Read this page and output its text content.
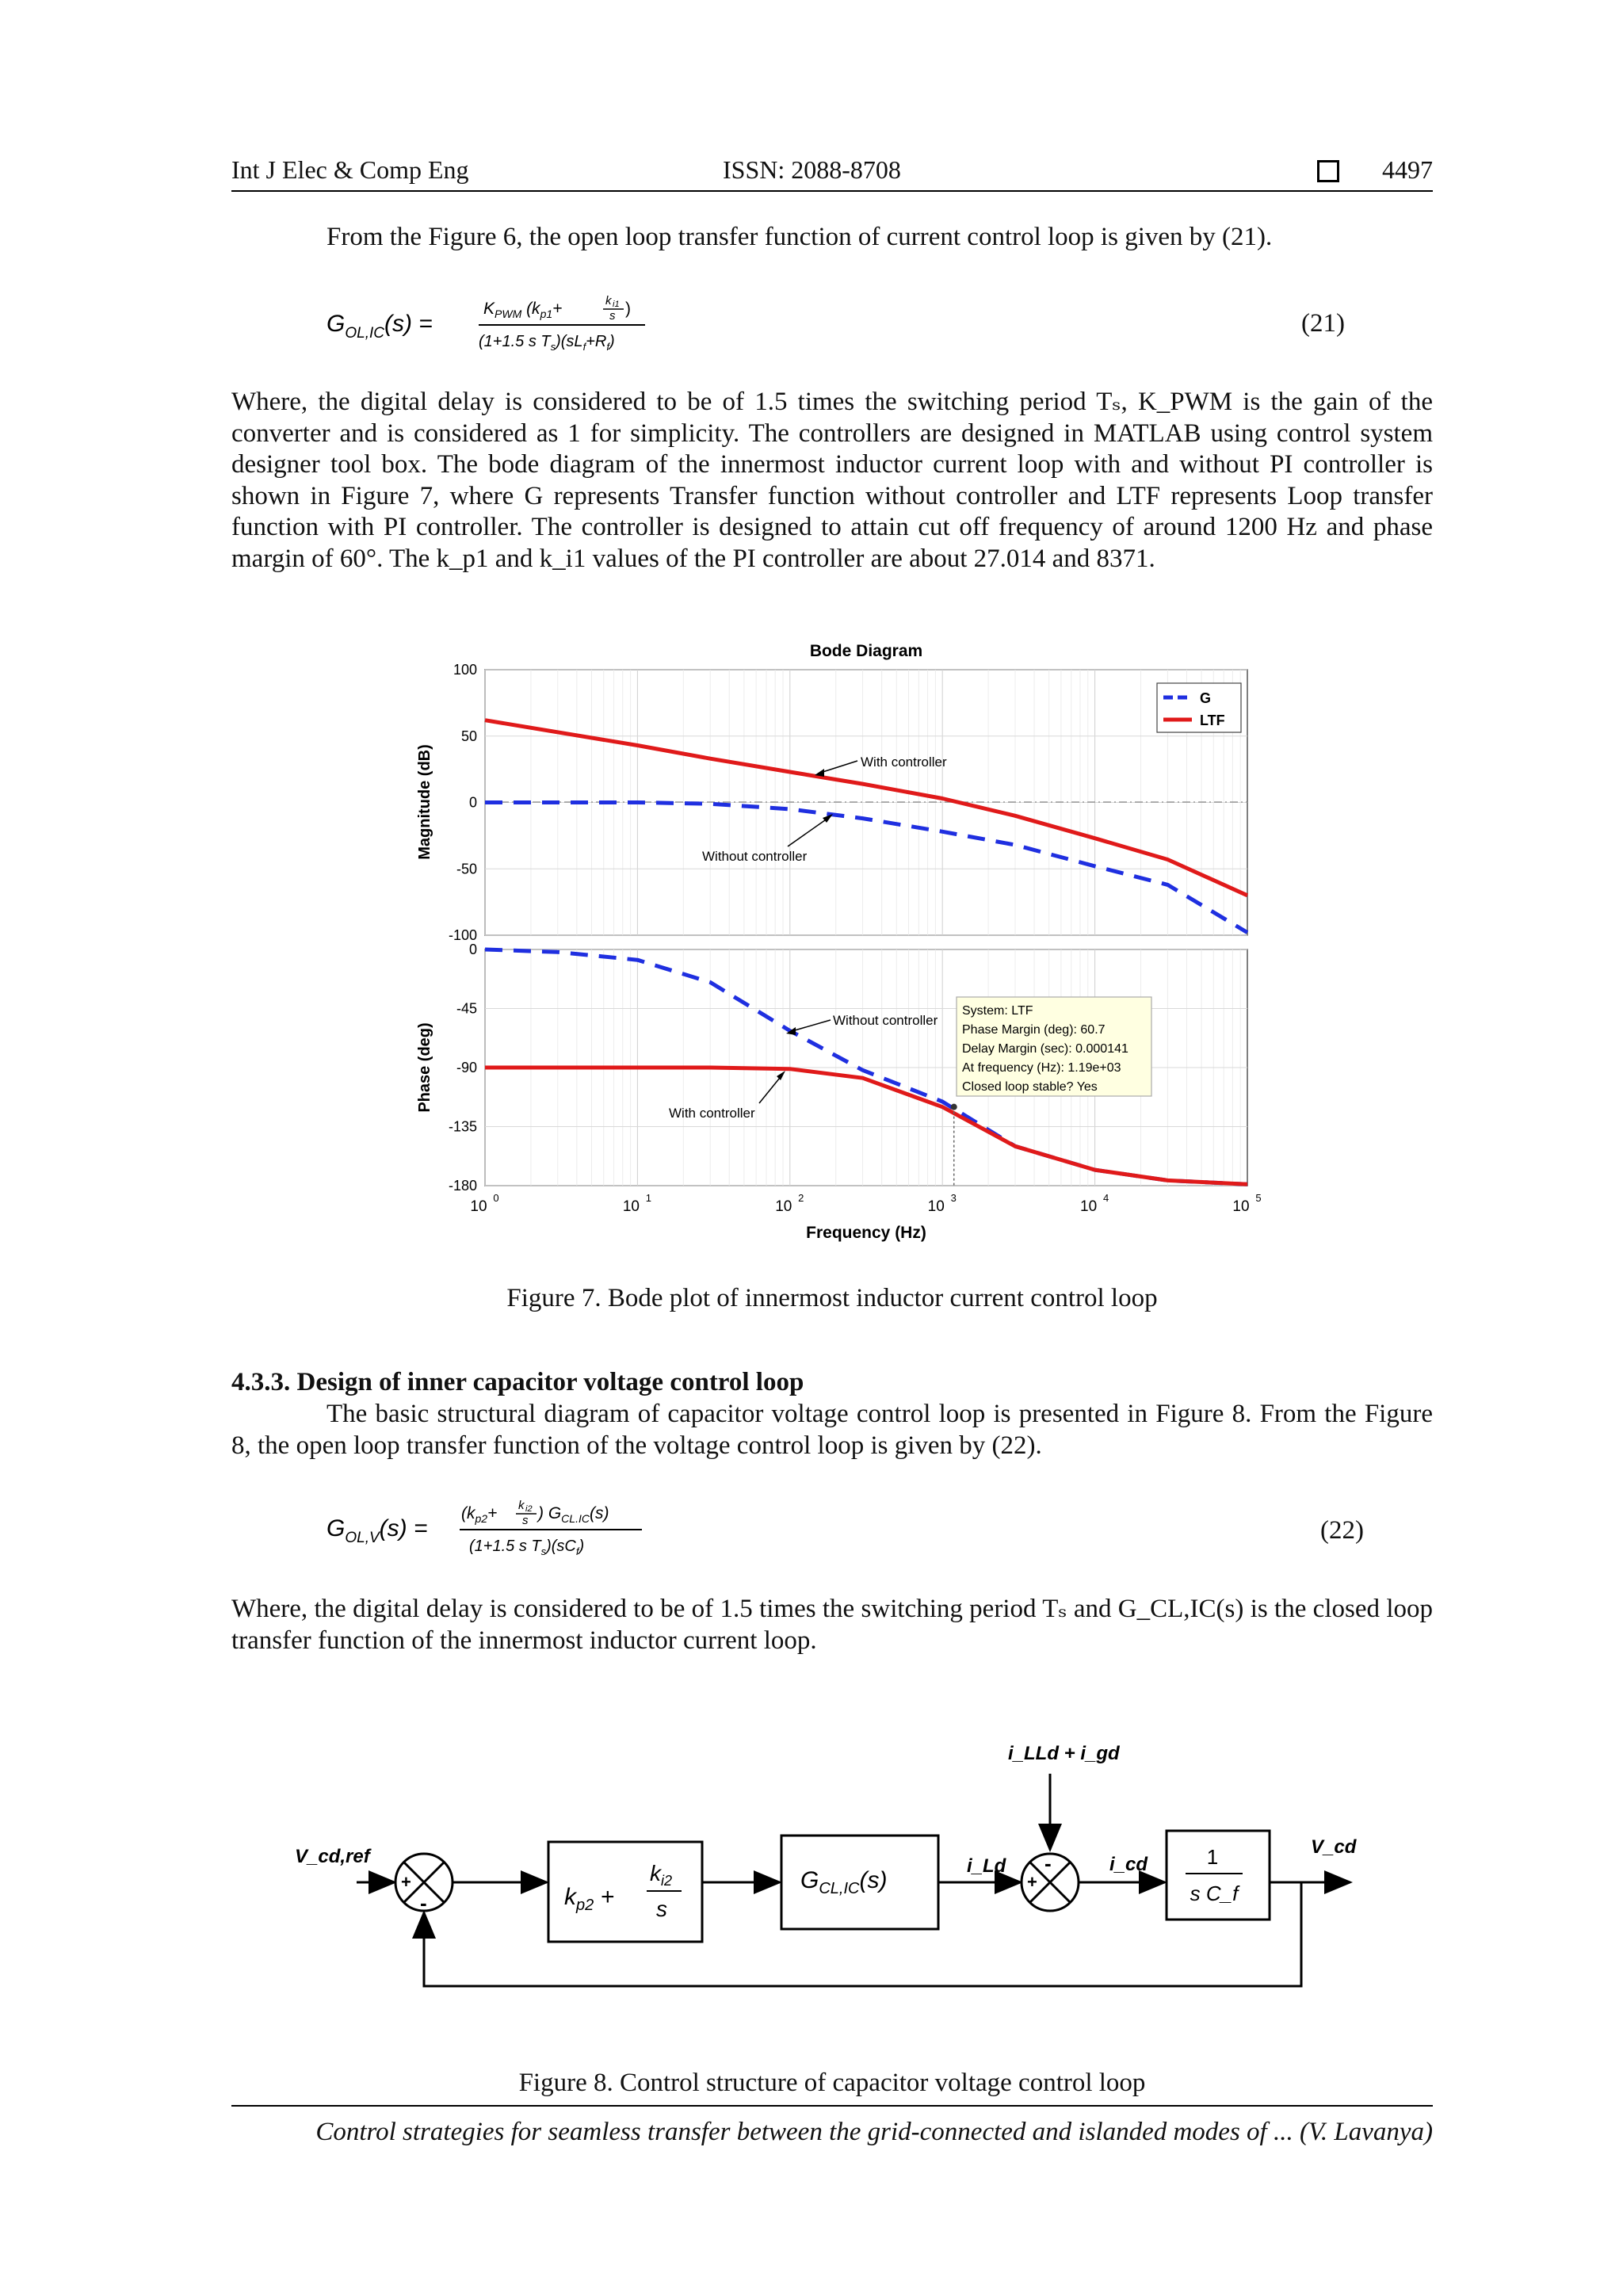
Int J Elec & Comp Eng	ISSN: 2088-8708	4497
From the Figure 6, the open loop transfer function of current control loop is given by (21).
$G_{OL,IC}(s)$ =
$K_{PWM}$ ($k_{p1}+$	k i1
s )
(1+1.5 s $T_s)(sL_f+R_f)$
(21)
Where, the digital delay is considered to be of 1.5 times the switching period Tₛ, K_PWM is the gain of the converter and is considered as 1 for simplicity. The controllers are designed in MATLAB using control system designer tool box. The bode diagram of the innermost inductor current loop with and without PI controller is shown in Figure 7, where G represents Transfer function without controller and LTF represents Loop transfer function with PI controller. The controller is designed to attain cut off frequency of around 1200 Hz and phase margin of 60°. The k_p1 and k_i1 values of the PI controller are about 27.014 and 8371.
Bode Diagram
100
50
0
-50
-100
Magnitude (dB)
G
LTF
With controller
Without controller
0
-45
-90
-135
-180
Phase (deg)
Without controller
With controller
System: LTF
Phase Margin (deg): 60.7
Delay Margin (sec): 0.000141
At frequency (Hz): 1.19e+03
Closed loop stable? Yes
10
0
10
1
10
2
10
3
10
4
10
5
Frequency (Hz)
Figure 7. Bode plot of innermost inductor current control loop
4.3.3. Design of inner capacitor voltage control loop
The basic structural diagram of capacitor voltage control loop is presented in Figure 8. From the Figure 8, the open loop transfer function of the voltage control loop is given by (22).
$G_{OL,V}(s)$ =
($k_{p2}+ k$ i2
s ) $G_{CL.IC}(s)$
(1+1.5 s $T_s)(sC_f)$
(22)
Where, the digital delay is considered to be of 1.5 times the switching period Tₛ and G_CL,IC(s) is the closed loop transfer function of the innermost inductor current loop.
V_cd,ref
+
-	$k_{p2}$ +
$k_{i2}$
s
$G_{CL,IC}(s)$
i_Ld
i_LLd + i_gd
+
-	i_cd	1
s C_f
V_cd
Figure 8. Control structure of capacitor voltage control loop
Control strategies for seamless transfer between the grid-connected and islanded modes of ... (V. Lavanya)
